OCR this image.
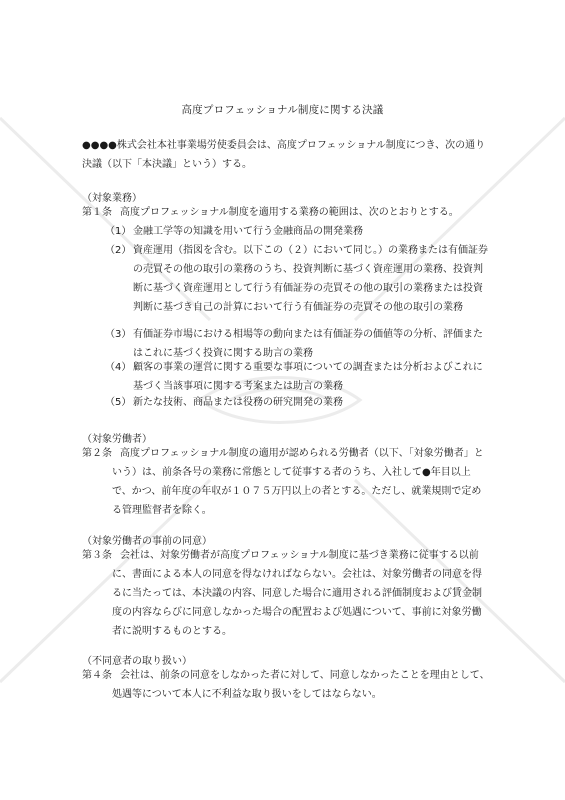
高度プロフェッショナル制度に関する決議
●●●●株式会社本社事業場労使委員会は、高度プロフェッショナル制度につき、次の通り決議（以下「本決議」という）する。
（対象業務）
第１条 高度プロフェッショナル制度を適用する業務の範囲は、次のとおりとする。
（1） 金融工学等の知識を用いて行う金融商品の開発業務
（2） 資産運用（指図を含む。以下この（２）において同じ。）の業務または有価証券の売買その他の取引の業務のうち、投資判断に基づく資産運用の業務、投資判断に基づく資産運用として行う有価証券の売買その他の取引の業務または投資判断に基づき自己の計算において行う有価証券の売買その他の取引の業務
（3） 有価証券市場における相場等の動向または有価証券の価値等の分析、評価またはこれに基づく投資に関する助言の業務
（4） 顧客の事業の運営に関する重要な事項についての調査または分析およびこれに基づく当該事項に関する考案または助言の業務
（5） 新たな技術、商品または役務の研究開発の業務
（対象労働者）
第２条 高度プロフェッショナル制度の適用が認められる労働者（以下、「対象労働者」という）は、前条各号の業務に常態として従事する者のうち、入社して●年目以上で、かつ、前年度の年収が１０７５万円以上の者とする。ただし、就業規則で定める管理監督者を除く。
（対象労働者の事前の同意）
第３条 会社は、対象労働者が高度プロフェッショナル制度に基づき業務に従事する以前に、書面による本人の同意を得なければならない。会社は、対象労働者の同意を得るに当たっては、本決議の内容、同意した場合に適用される評価制度および賃金制度の内容ならびに同意しなかった場合の配置および処遇について、事前に対象労働者に説明するものとする。
（不同意者の取り扱い）
第４条 会社は、前条の同意をしなかった者に対して、同意しなかったことを理由として、処遇等について本人に不利益な取り扱いをしてはならない。
